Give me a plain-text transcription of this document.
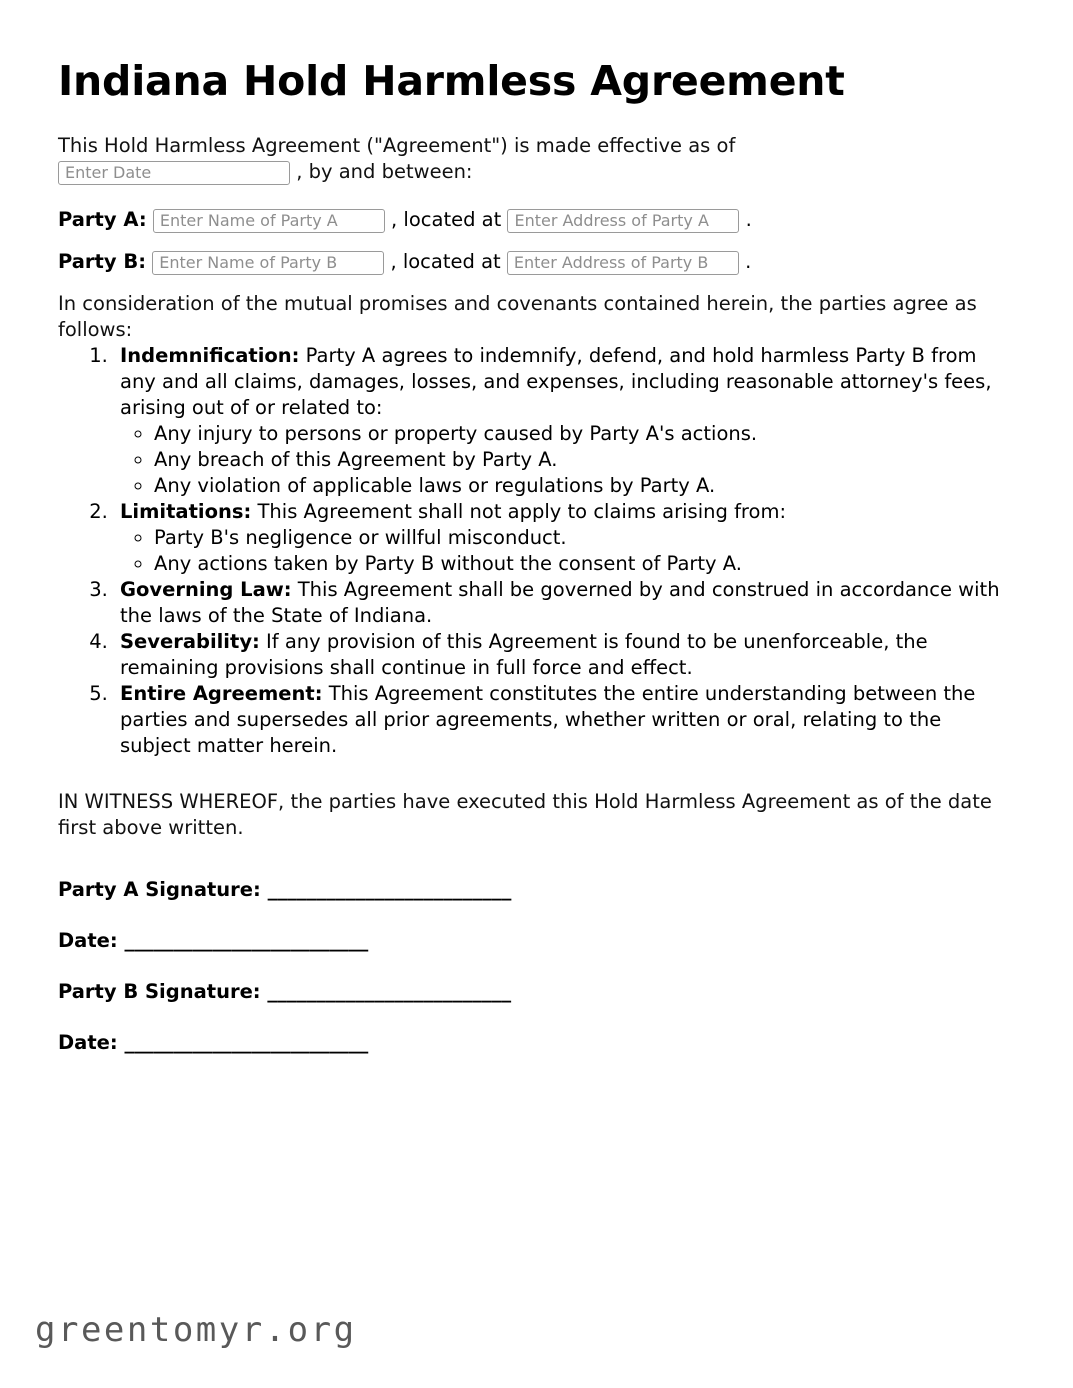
Indiana Hold Harmless Agreement

This Hold Harmless Agreement ("Agreement") is made effective as of

Enter Date , by and between:

Party A: Enter Name of Party A	, located at Enter Address of Party A	.
Party B: Enter Name of Party B	, located at Enter Address of Party B	.

In consideration of the mutual promises and covenants contained herein, the parties agree as follows:

1. Indemnification: Party A agrees to indemnify, defend, and hold harmless Party B from any and all claims, damages, losses, and expenses, including reasonable attorney's fees, arising out of or related to:
◦ Any injury to persons or property caused by Party A's actions.
◦ Any breach of this Agreement by Party A.
◦ Any violation of applicable laws or regulations by Party A.
2. Limitations: This Agreement shall not apply to claims arising from:
◦ Party B's negligence or willful misconduct.
◦ Any actions taken by Party B without the consent of Party A.
3. Governing Law: This Agreement shall be governed by and construed in accordance with the laws of the State of Indiana.
4. Severability: If any provision of this Agreement is found to be unenforceable, the remaining provisions shall continue in full force and effect.
5. Entire Agreement: This Agreement constitutes the entire understanding between the parties and supersedes all prior agreements, whether written or oral, relating to the subject matter herein.

IN WITNESS WHEREOF, the parties have executed this Hold Harmless Agreement as of the date first above written.

Party A Signature: _________________________
Date: _________________________
Party B Signature: _________________________
Date: _________________________
greentomyr.org
